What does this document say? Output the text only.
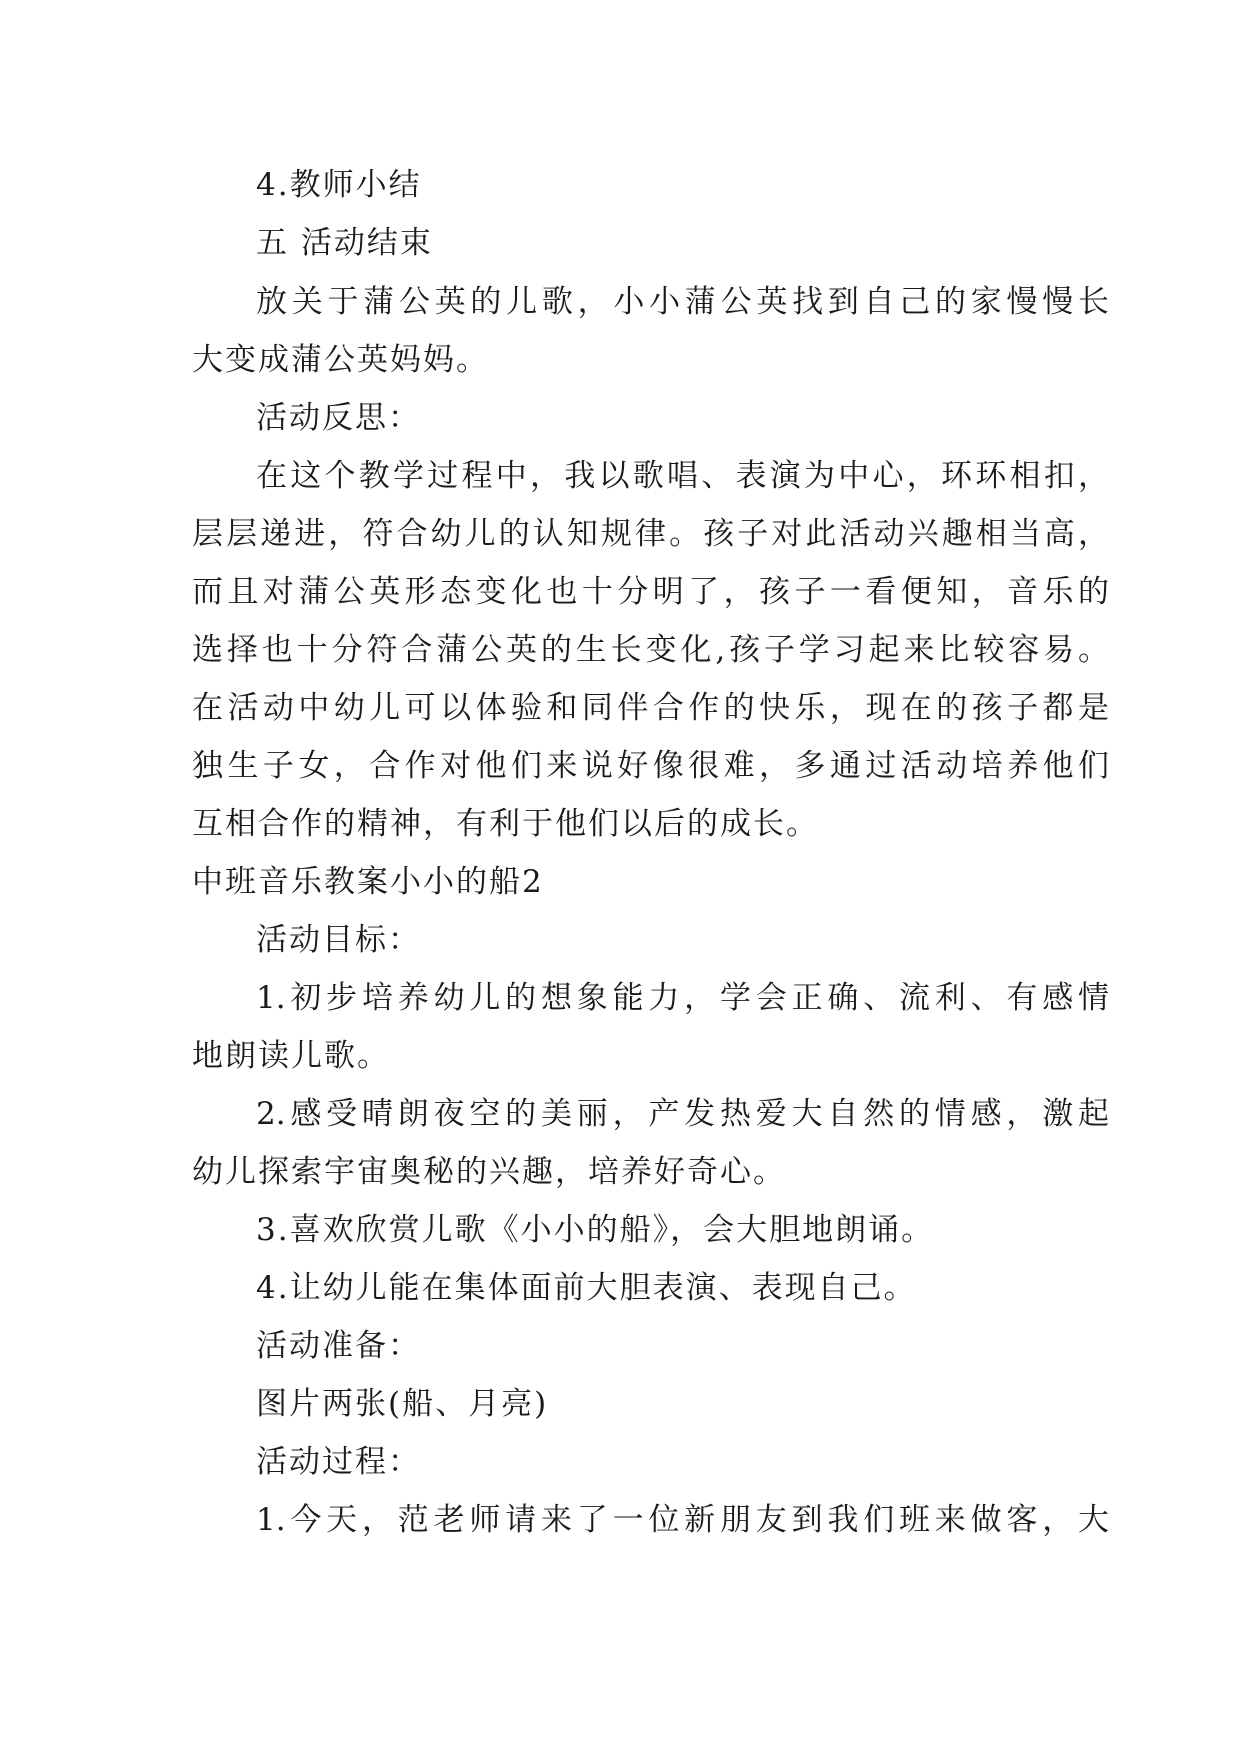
4.教师小结
五 活动结束
放关于蒲公英的儿歌，小小蒲公英找到自己的家慢慢长
大变成蒲公英妈妈。
活动反思：
在这个教学过程中，我以歌唱、表演为中心，环环相扣，
层层递进，符合幼儿的认知规律。孩子对此活动兴趣相当高，
而且对蒲公英形态变化也十分明了，孩子一看便知，音乐的
选择也十分符合蒲公英的生长变化,孩子学习起来比较容易。
在活动中幼儿可以体验和同伴合作的快乐，现在的孩子都是
独生子女，合作对他们来说好像很难，多通过活动培养他们
互相合作的精神，有利于他们以后的成长。
中班音乐教案小小的船2
活动目标：
1.初步培养幼儿的想象能力，学会正确、流利、有感情
地朗读儿歌。
2.感受晴朗夜空的美丽，产发热爱大自然的情感，激起
幼儿探索宇宙奥秘的兴趣，培养好奇心。
3.喜欢欣赏儿歌《小小的船》，会大胆地朗诵。
4.让幼儿能在集体面前大胆表演、表现自己。
活动准备：
图片两张(船、月亮)
活动过程：
1.今天，范老师请来了一位新朋友到我们班来做客，大
